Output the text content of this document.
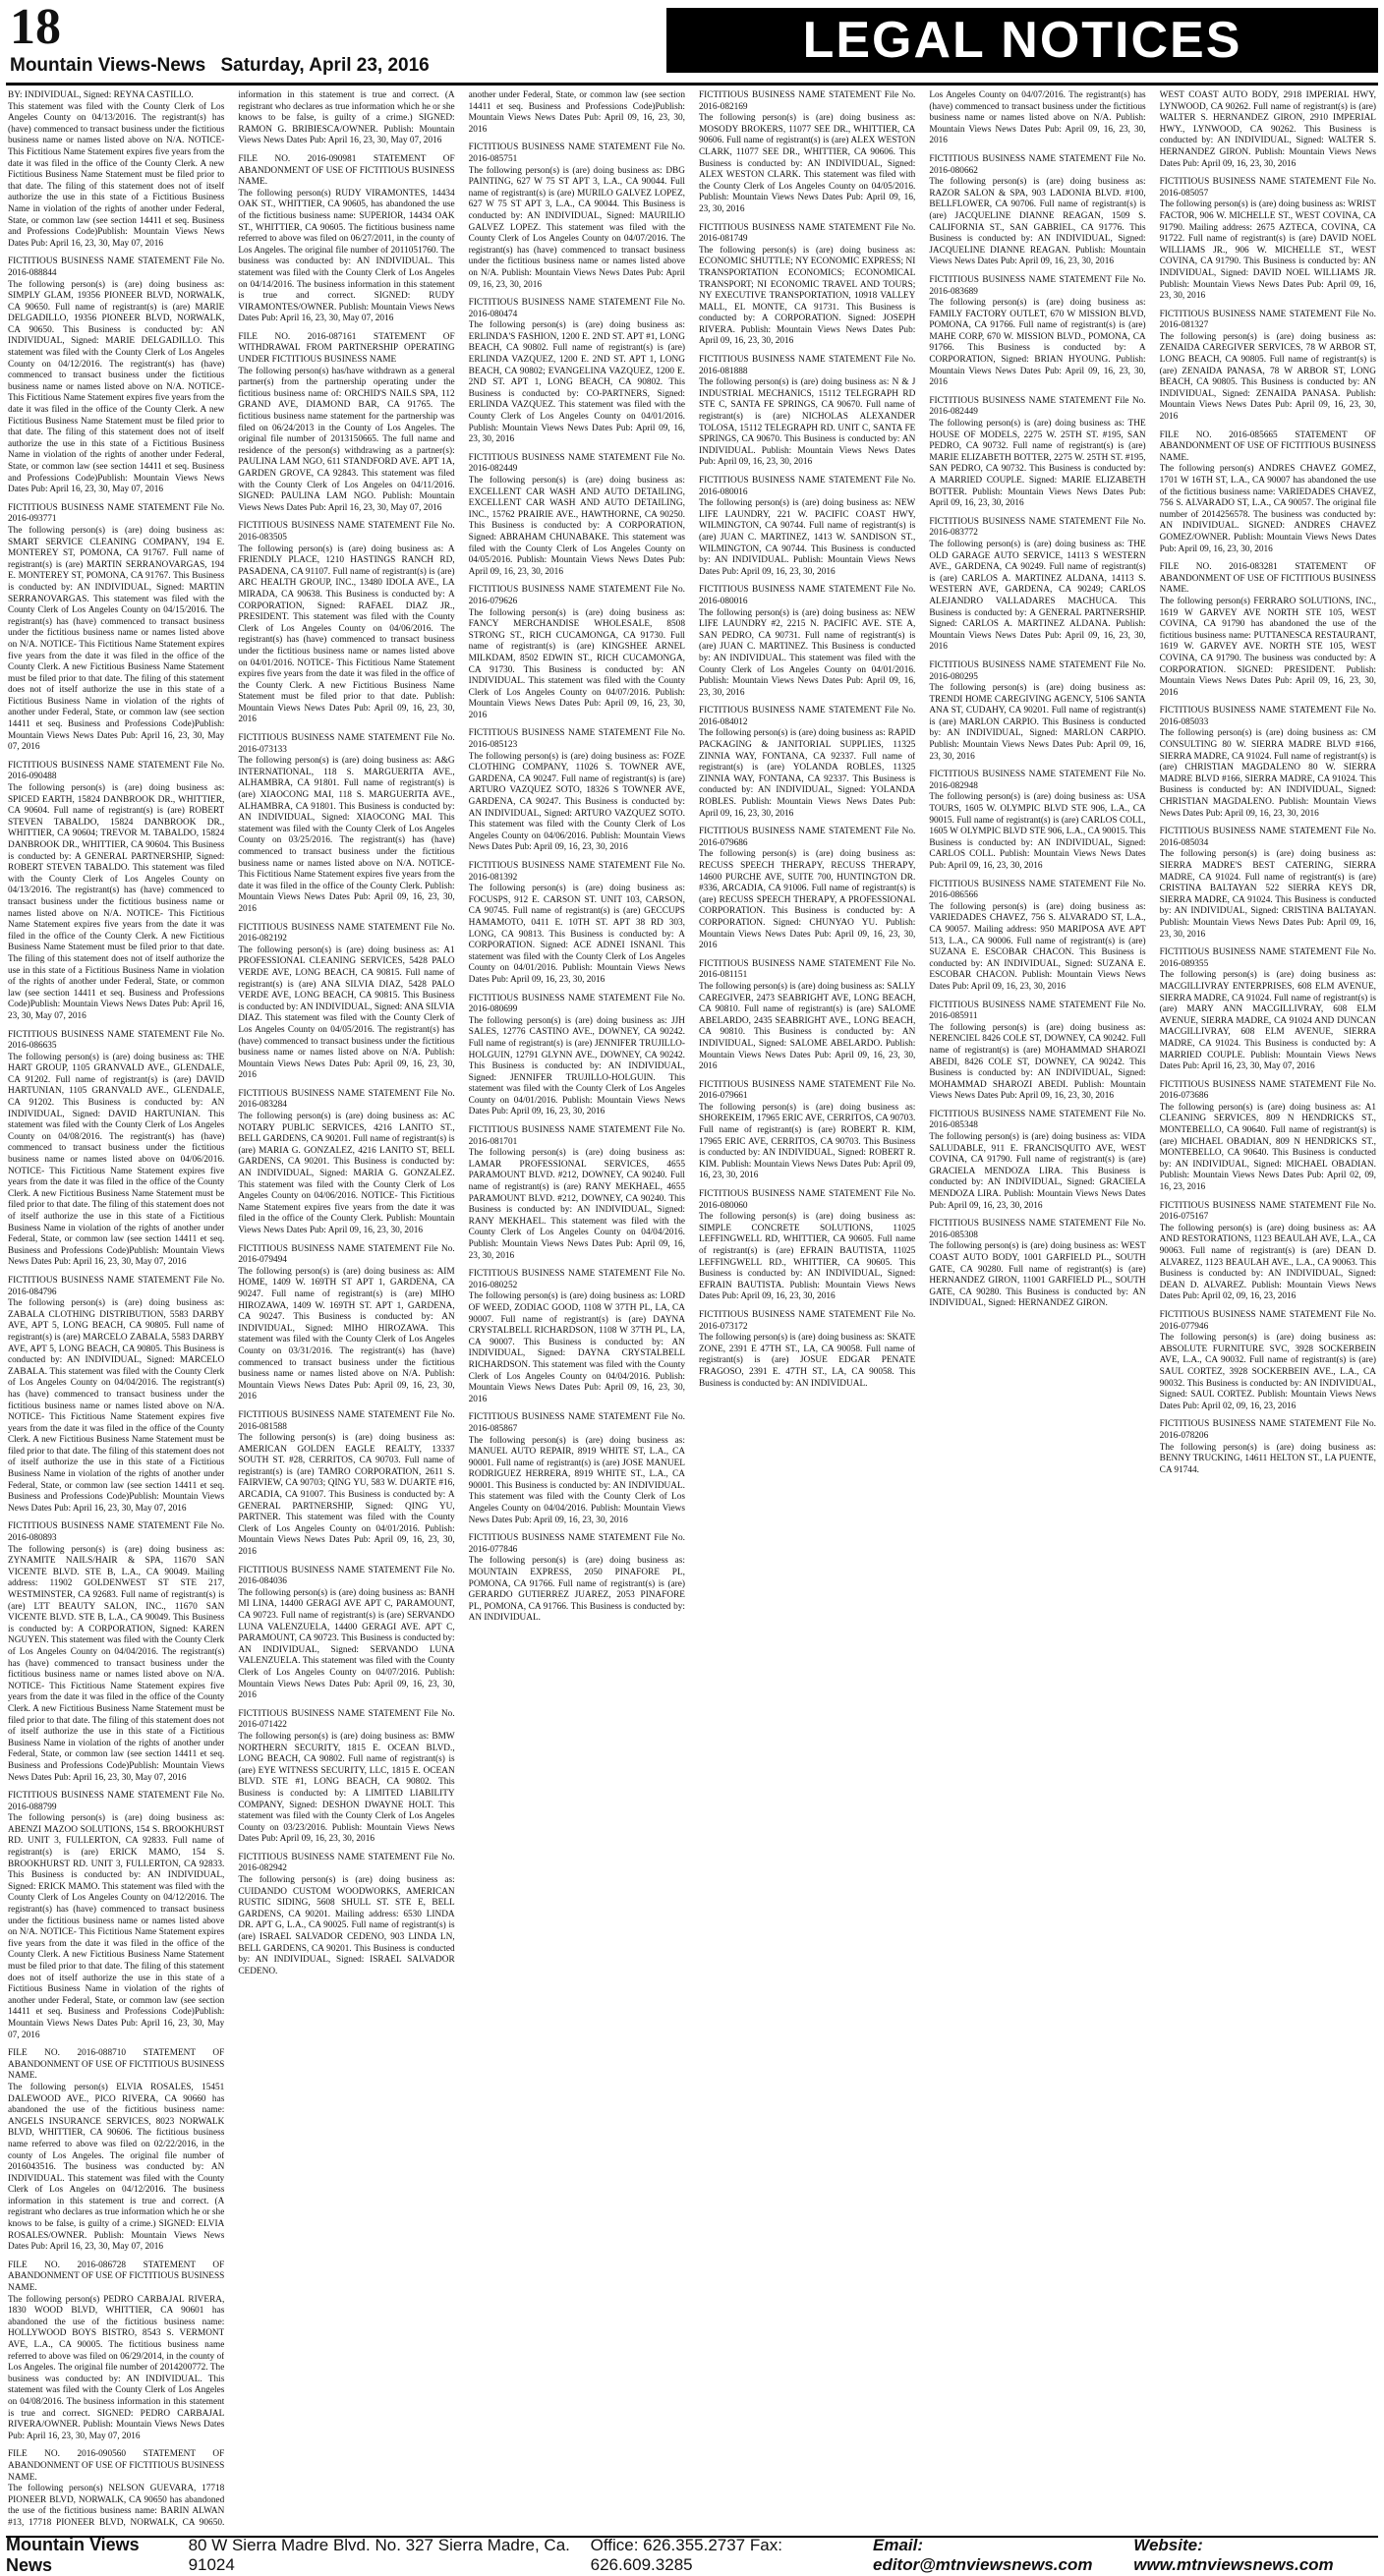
18
Mountain Views-News Saturday, April 23, 2016	LEGAL NOTICES
BY: INDIVIDUAL, Signed: REYNA CASTILLO.

This statement was filed with the County Clerk of Los Angeles County on 04/13/2016. The registrant(s) has (have) commenced to transact business under the fictitious business name or names listed above on N/A. NOTICE- This Fictitious Name Statement expires five years from the date it was filed in the office of the County Clerk. A new Fictitious Business Name Statement must be filed prior to that date. The filing of this statement does not of itself authorize the use in this state of a Fictitious Business Name in violation of the rights of another under Federal, State, or common law (see section 14411 et seq. Business and Professions Code)Publish: Mountain Views News Dates Pub: April 16, 23, 30, May 07, 2016

FICTITIOUS BUSINESS NAME STATEMENT File No. 2016-088844

The following person(s) is (are) doing business as: SIMPLY GLAM, 19356 PIONEER BLVD, NORWALK, CA 90650. Full name of registrant(s) is (are) MARIE DELGADILLO, 19356 PIONEER BLVD, NORWALK, CA 90650. This Business is conducted by: AN INDIVIDUAL, Signed: MARIE DELGADILLO. This statement was filed with the County Clerk of Los Angeles County on 04/12/2016. The registrant(s) has (have) commenced to transact business under the fictitious business name or names listed above on N/A. NOTICE- This Fictitious Name Statement expires five years from the date it was filed in the office of the County Clerk. A new Fictitious Business Name Statement must be filed prior to that date. The filing of this statement does not of itself authorize the use in this state of a Fictitious Business Name in violation of the rights of another under Federal, State, or common law (see section 14411 et seq. Business and Professions Code)Publish: Mountain Views News Dates Pub: April 16, 23, 30, May 07, 2016

FICTITIOUS BUSINESS NAME STATEMENT File No. 2016-093771

The following person(s) is (are) doing business as: SMART SERVICE CLEANING COMPANY, 194 E. MONTEREY ST, POMONA, CA 91767. Full name of registrant(s) is (are) MARTIN SERRANOVARGAS, 194 E. MONTEREY ST, POMONA, CA 91767. This Business is conducted by: AN INDIVIDUAL, Signed: MARTIN SERRANOVARGAS. This statement was filed with the County Clerk of Los Angeles County on 04/15/2016. The registrant(s) has (have) commenced to transact business under the fictitious business name or names listed above on N/A. NOTICE- This Fictitious Name Statement expires five years from the date it was filed in the office of the County Clerk. A new Fictitious Business Name Statement must be filed prior to that date. The filing of this statement does not of itself authorize the use in this state of a Fictitious Business Name in violation of the rights of another under Federal, State, or common law (see section 14411 et seq. Business and Professions Code)Publish: Mountain Views News Dates Pub: April 16, 23, 30, May 07, 2016

FICTITIOUS BUSINESS NAME STATEMENT File No. 2016-090488

The following person(s) is (are) doing business as: SPICED EARTH, 15824 DANBROOK DR., WHITTIER, CA 90604. Full name of registrant(s) is (are) ROBERT STEVEN TABALDO, 15824 DANBROOK DR., WHITTIER, CA 90604; TREVOR M. TABALDO, 15824 DANBROOK DR., WHITTIER, CA 90604. This Business is conducted by: A GENERAL PARTNERSHIP, Signed: ROBERT STEVEN TABALDO. This statement was filed with the County Clerk of Los Angeles County on 04/13/2016. The registrant(s) has (have) commenced to transact business under the fictitious business name or names listed above on N/A. NOTICE- This Fictitious Name Statement expires five years from the date it was filed in the office of the County Clerk. A new Fictitious Business Name Statement must be filed prior to that date. The filing of this statement does not of itself authorize the use in this state of a Fictitious Business Name in violation of the rights of another under Federal, State, or common law (see section 14411 et seq. Business and Professions Code)Publish: Mountain Views News Dates Pub: April 16, 23, 30, May 07, 2016

FICTITIOUS BUSINESS NAME STATEMENT File No. 2016-086635

The following person(s) is (are) doing business as: THE HART GROUP, 1105 GRANVALD AVE., GLENDALE, CA 91202. Full name of registrant(s) is (are) DAVID HARTUNIAN, 1105 GRANVALD AVE., GLENDALE, CA 91202. This Business is conducted by: AN INDIVIDUAL, Signed: DAVID HARTUNIAN. This statement was filed with the County Clerk of Los Angeles County on 04/08/2016. The registrant(s) has (have) commenced to transact business under the fictitious business name or names listed above on 04/06/2016. NOTICE- This Fictitious Name Statement expires five years from the date it was filed in the office of the County Clerk. A new Fictitious Business Name Statement must be filed prior to that date. The filing of this statement does not of itself authorize the use in this state of a Fictitious Business Name in violation of the rights of another under Federal, State, or common law (see section 14411 et seq. Business and Professions Code)Publish: Mountain Views News Dates Pub: April 16, 23, 30, May 07, 2016

FICTITIOUS BUSINESS NAME STATEMENT File No. 2016-084796

The following person(s) is (are) doing business as: ZABALA CLOTHING DISTRIBUTION, 5583 DARBY AVE, APT 5, LONG BEACH, CA 90805. Full name of registrant(s) is (are) MARCELO ZABALA, 5583 DARBY AVE, APT 5, LONG BEACH, CA 90805. This Business is conducted by: AN INDIVIDUAL, Signed: MARCELO ZABALA. This statement was filed with the County Clerk of Los Angeles County on 04/04/2016. The registrant(s) has (have) commenced to transact business under the fictitious business name or names listed above on N/A. NOTICE- This Fictitious Name Statement expires five years from the date it was filed in the office of the County Clerk. A new Fictitious Business Name Statement must be filed prior to that date. The filing of this statement does not of itself authorize the use in this state of a Fictitious Business Name in violation of the rights of another under Federal, State, or common law (see section 14411 et seq. Business and Professions Code)Publish: Mountain Views News Dates Pub: April 16, 23, 30, May 07, 2016

FICTITIOUS BUSINESS NAME STATEMENT File No. 2016-080893

The following person(s) is (are) doing business as: ZYNAMITE NAILS/HAIR & SPA, 11670 SAN VICENTE BLVD. STE B, L.A., CA 90049. Mailing address: 11902 GOLDENWEST ST STE 217, WESTMINSTER, CA 92683. Full name of registrant(s) is (are) LTT BEAUTY SALON, INC., 11670 SAN VICENTE BLVD. STE B, L.A., CA 90049. This Business is conducted by: A CORPORATION, Signed: KAREN NGUYEN. This statement was filed with the County Clerk of Los Angeles County on 04/04/2016. The registrant(s) has (have) commenced to transact business under the fictitious business name or names listed above on N/A. NOTICE- This Fictitious Name Statement expires five years from the date it was filed in the office of the County Clerk. A new Fictitious Business Name Statement must be filed prior to that date. The filing of this statement does not of itself authorize the use in this state of a Fictitious Business Name in violation of the rights of another under Federal, State, or common law (see section 14411 et seq. Business and Professions Code)Publish: Mountain Views News Dates Pub: April 16, 23, 30, May 07, 2016

FICTITIOUS BUSINESS NAME STATEMENT File No. 2016-088799

The following person(s) is (are) doing business as: ABENZI MAZOO SOLUTIONS, 154 S. BROOKHURST RD. UNIT 3, FULLERTON, CA 92833. Full name of registrant(s) is (are) ERICK MAMO, 154 S. BROOKHURST RD. UNIT 3, FULLERTON, CA 92833. This Business is conducted by: AN INDIVIDUAL, Signed: ERICK MAMO. This statement was filed with the County Clerk of Los Angeles County on 04/12/2016. The registrant(s) has (have) commenced to transact business under the fictitious business name or names listed above on N/A. NOTICE- This Fictitious Name Statement expires five years from the date it was filed in the office of the County Clerk. A new Fictitious Business Name Statement must be filed prior to that date. The filing of this statement does not of itself authorize the use in this state of a Fictitious Business Name in violation of the rights of another under Federal, State, or common law (see section 14411 et seq. Business and Professions Code)Publish: Mountain Views News Dates Pub: April 16, 23, 30, May 07, 2016

FILE NO. 2016-088710 STATEMENT OF ABANDONMENT OF USE OF FICTITIOUS BUSINESS NAME.

The following person(s) ELVIA ROSALES, 15451 DALEWOOD AVE., PICO RIVERA, CA 90660 has abandoned the use of the fictitious business name: ANGELS INSURANCE SERVICES, 8023 NORWALK BLVD, WHITTIER, CA 90606. The fictitious business name referred to above was filed on 02/22/2016, in the county of Los Angeles. The original file number of 2016043516. The business was conducted by: AN INDIVIDUAL. This statement was filed with the County Clerk of Los Angeles on 04/12/2016. The business information in this statement is true and correct. (A registrant who declares as true information which he or she knows to be false, is guilty of a crime.) SIGNED: ELVIA ROSALES/OWNER. Publish: Mountain Views News Dates Pub: April 16, 23, 30, May 07, 2016

FILE NO. 2016-086728 STATEMENT OF ABANDONMENT OF USE OF FICTITIOUS BUSINESS NAME.

The following person(s) PEDRO CARBAJAL RIVERA, 1830 WOOD BLVD, WHITTIER, CA 90601 has abandoned the use of the fictitious business name: HOLLYWOOD BOYS BISTRO, 8543 S. VERMONT AVE, L.A., CA 90005. The fictitious business name referred to above was filed on 06/29/2014, in the county of Los Angeles. The original file number of 2014200772. The business was conducted by: AN INDIVIDUAL. This statement was filed with the County Clerk of Los Angeles on 04/08/2016. The business information in this statement is true and correct. SIGNED: PEDRO CARBAJAL RIVERA/OWNER. Publish: Mountain Views News Dates Pub: April 16, 23, 30, May 07, 2016

FILE NO. 2016-090560 STATEMENT OF ABANDONMENT OF USE OF FICTITIOUS BUSINESS NAME.

The following person(s) NELSON GUEVARA, 17718 PIONEER BLVD, NORWALK, CA 90650 has abandoned the use of the fictitious business name: BARIN ALWAN #13, 17718 PIONEER BLVD, NORWALK, CA 90650.

information in this statement is true and correct. (A registrant who declares as true information which he or she knows to be false, is guilty of a crime.) SIGNED: RAMON G. BRIBIESCA/OWNER. Publish: Mountain Views News Dates Pub: April 16, 23, 30, May 07, 2016

FILE NO. 2016-090981 STATEMENT OF ABANDONMENT OF USE OF FICTITIOUS BUSINESS NAME.

The following person(s) RUDY VIRAMONTES, 14434 OAK ST., WHITTIER, CA 90605, has abandoned the use of the fictitious business name: SUPERIOR, 14434 OAK ST., WHITTIER, CA 90605. The fictitious business name referred to above was filed on 06/27/2011, in the county of Los Angeles. The original file number of 2011051760. The business was conducted by: AN INDIVIDUAL. This statement was filed with the County Clerk of Los Angeles on 04/14/2016. The business information in this statement is true and correct. SIGNED: RUDY VIRAMONTES/OWNER. Publish: Mountain Views News Dates Pub: April 16, 23, 30, May 07, 2016

FILE NO. 2016-087161 STATEMENT OF WITHDRAWAL FROM PARTNERSHIP OPERATING UNDER FICTITIOUS BUSINESS NAME

The following person(s) has/have withdrawn as a general partner(s) from the partnership operating under the fictitious business name of: ORCHID'S NAILS SPA, 112 GRAND AVE, DIAMOND BAR, CA 91765. The fictitious business name statement for the partnership was filed on 06/24/2013 in the County of Los Angeles. The original file number of 2013150665. The full name and residence of the person(s) withdrawing as a partner(s): PAULINA LAM NGO, 611 STANDFORD AVE. APT 1A, GARDEN GROVE, CA 92843. This statement was filed with the County Clerk of Los Angeles on 04/11/2016. SIGNED: PAULINA LAM NGO. Publish: Mountain Views News Dates Pub: April 16, 23, 30, May 07, 2016

FICTITIOUS BUSINESS NAME STATEMENT File No. 2016-083505

The following person(s) is (are) doing business as: A FRIENDLY PLACE, 1210 HASTINGS RANCH RD, PASADENA, CA 91107. Full name of registrant(s) is (are) ARC HEALTH GROUP, INC., 13480 IDOLA AVE., LA MIRADA, CA 90638. This Business is conducted by: A CORPORATION, Signed: RAFAEL DIAZ JR., PRESIDENT. This statement was filed with the County Clerk of Los Angeles County on 04/06/2016. The registrant(s) has (have) commenced to transact business under the fictitious business name or names listed above on 04/01/2016. NOTICE- This Fictitious Name Statement expires five years from the date it was filed in the office of the County Clerk. A new Fictitious Business Name Statement must be filed prior to that date. Publish: Mountain Views News Dates Pub: April 09, 16, 23, 30, 2016

FICTITIOUS BUSINESS NAME STATEMENT File No. 2016-073133

The following person(s) is (are) doing business as: A&G INTERNATIONAL, 118 S. MARGUERITA AVE., ALHAMBRA, CA 91801. Full name of registrant(s) is (are) XIAOCONG MAI, 118 S. MARGUERITA AVE., ALHAMBRA, CA 91801. This Business is conducted by: AN INDIVIDUAL, Signed: XIAOCONG MAI. This statement was filed with the County Clerk of Los Angeles County on 03/25/2016. The registrant(s) has (have) commenced to transact business under the fictitious business name or names listed above on N/A. NOTICE- This Fictitious Name Statement expires five years from the date it was filed in the office of the County Clerk. Publish: Mountain Views News Dates Pub: April 09, 16, 23, 30, 2016

FICTITIOUS BUSINESS NAME STATEMENT File No. 2016-082192

The following person(s) is (are) doing business as: A1 PROFESSIONAL CLEANING SERVICES, 5428 PALO VERDE AVE, LONG BEACH, CA 90815. Full name of registrant(s) is (are) ANA SILVIA DIAZ, 5428 PALO VERDE AVE, LONG BEACH, CA 90815. This Business is conducted by: AN INDIVIDUAL, Signed: ANA SILVIA DIAZ. This statement was filed with the County Clerk of Los Angeles County on 04/05/2016. The registrant(s) has (have) commenced to transact business under the fictitious business name or names listed above on N/A. Publish: Mountain Views News Dates Pub: April 09, 16, 23, 30, 2016

FICTITIOUS BUSINESS NAME STATEMENT File No. 2016-083284

The following person(s) is (are) doing business as: AC NOTARY PUBLIC SERVICES, 4216 LANITO ST., BELL GARDENS, CA 90201. Full name of registrant(s) is (are) MARIA G. GONZALEZ, 4216 LANITO ST, BELL GARDENS, CA 90201. This Business is conducted by: AN INDIVIDUAL, Signed: MARIA G. GONZALEZ. This statement was filed with the County Clerk of Los Angeles County on 04/06/2016. NOTICE- This Fictitious Name Statement expires five years from the date it was filed in the office of the County Clerk. Publish: Mountain Views News Dates Pub: April 09, 16, 23, 30, 2016

FICTITIOUS BUSINESS NAME STATEMENT File No. 2016-079494

The following person(s) is (are) doing business as: AIM HOME, 1409 W. 169TH ST APT 1, GARDENA, CA 90247. Full name of registrant(s) is (are) MIHO HIROZAWA, 1409 W. 169TH ST. APT 1, GARDENA, CA 90247. This Business is conducted by: AN INDIVIDUAL, Signed: MIHO HIROZAWA. This statement was filed with the County Clerk of Los Angeles County on 03/31/2016. The registrant(s) has (have) commenced to transact business under the fictitious business name or names listed above on N/A. Publish: Mountain Views News Dates Pub: April 09, 16, 23, 30, 2016

FICTITIOUS BUSINESS NAME STATEMENT File No. 2016-081588

The following person(s) is (are) doing business as: AMERICAN GOLDEN EAGLE REALTY, 13337 SOUTH ST. #28, CERRITOS, CA 90703. Full name of registrant(s) is (are) TAMRO CORPORATION, 2611 S. FAIRVIEW, CA 90703; QING YU, 583 W. DUARTE #16, ARCADIA, CA 91007. This Business is conducted by: A GENERAL PARTNERSHIP, Signed: QING YU, PARTNER. This statement was filed with the County Clerk of Los Angeles County on 04/01/2016. Publish: Mountain Views News Dates Pub: April 09, 16, 23, 30, 2016

FICTITIOUS BUSINESS NAME STATEMENT File No. 2016-084036

The following person(s) is (are) doing business as: BANH MI LINA, 14400 GERAGI AVE APT C, PARAMOUNT, CA 90723. Full name of registrant(s) is (are) SERVANDO LUNA VALENZUELA, 14400 GERAGI AVE. APT C, PARAMOUNT, CA 90723. This Business is conducted by: AN INDIVIDUAL, Signed: SERVANDO LUNA VALENZUELA. This statement was filed with the County Clerk of Los Angeles County on 04/07/2016. Publish: Mountain Views News Dates Pub: April 09, 16, 23, 30, 2016

FICTITIOUS BUSINESS NAME STATEMENT File No. 2016-071422

The following person(s) is (are) doing business as: BMW NORTHERN SECURITY, 1815 E. OCEAN BLVD., LONG BEACH, CA 90802. Full name of registrant(s) is (are) EYE WITNESS SECURITY, LLC, 1815 E. OCEAN BLVD. STE #1, LONG BEACH, CA 90802. This Business is conducted by: A LIMITED LIABILITY COMPANY, Signed: DESHON DWAYNE HOLT. This statement was filed with the County Clerk of Los Angeles County on 03/23/2016. Publish: Mountain Views News Dates Pub: April 09, 16, 23, 30, 2016

FICTITIOUS BUSINESS NAME STATEMENT File No. 2016-082942

The following person(s) is (are) doing business as: CUIDANDO CUSTOM WOODWORKS, AMERICAN RUSTIC SIDING, 5608 SHULL ST. STE E, BELL GARDENS, CA 90201. Mailing address: 6530 LINDA DR. APT G, L.A., CA 90025. Full name of registrant(s) is (are) ISRAEL SALVADOR CEDENO, 903 LINDA LN, BELL GARDENS, CA 90201. This Business is conducted by: AN INDIVIDUAL, Signed: ISRAEL SALVADOR CEDENO.

another under Federal, State, or common law (see section 14411 et seq. Business and Professions Code)Publish: Mountain Views News Dates Pub: April 09, 16, 23, 30, 2016

FICTITIOUS BUSINESS NAME STATEMENT File No. 2016-085751

The following person(s) is (are) doing business as: DBG PAINTING, 627 W 75 ST APT 3, L.A., CA 90044. Full name of registrant(s) is (are) MURILO GALVEZ LOPEZ, 627 W 75 ST APT 3, L.A., CA 90044. This Business is conducted by: AN INDIVIDUAL, Signed: MAURILIO GALVEZ LOPEZ. This statement was filed with the County Clerk of Los Angeles County on 04/07/2016. The registrant(s) has (have) commenced to transact business under the fictitious business name or names listed above on N/A. Publish: Mountain Views News Dates Pub: April 09, 16, 23, 30, 2016

FICTITIOUS BUSINESS NAME STATEMENT File No. 2016-080474

The following person(s) is (are) doing business as: ERLINDA'S FASHION, 1200 E. 2ND ST. APT #1, LONG BEACH, CA 90802. Full name of registrant(s) is (are) ERLINDA VAZQUEZ, 1200 E. 2ND ST. APT 1, LONG BEACH, CA 90802; EVANGELINA VAZQUEZ, 1200 E. 2ND ST. APT 1, LONG BEACH, CA 90802. This Business is conducted by: CO-PARTNERS, Signed: ERLINDA VAZQUEZ. This statement was filed with the County Clerk of Los Angeles County on 04/01/2016. Publish: Mountain Views News Dates Pub: April 09, 16, 23, 30, 2016

FICTITIOUS BUSINESS NAME STATEMENT File No. 2016-082449

The following person(s) is (are) doing business as: EXCELLENT CAR WASH AND AUTO DETAILING, EXCELLENT CAR WASH AND AUTO DETAILING, INC., 15762 PRAIRIE AVE., HAWTHORNE, CA 90250. This Business is conducted by: A CORPORATION, Signed: ABRAHAM CHUNABAKE. This statement was filed with the County Clerk of Los Angeles County on 04/05/2016. Publish: Mountain Views News Dates Pub: April 09, 16, 23, 30, 2016

FICTITIOUS BUSINESS NAME STATEMENT File No. 2016-079626

The following person(s) is (are) doing business as: FANCY MERCHANDISE WHOLESALE, 8508 STRONG ST., RICH CUCAMONGA, CA 91730. Full name of registrant(s) is (are) KINGSHEE ARNEL MILKDAM, 8502 EDWIN ST., RICH CUCAMONGA, CA 91730. This Business is conducted by: AN INDIVIDUAL. This statement was filed with the County Clerk of Los Angeles County on 04/07/2016. Publish: Mountain Views News Dates Pub: April 09, 16, 23, 30, 2016

FICTITIOUS BUSINESS NAME STATEMENT File No. 2016-085123

The following person(s) is (are) doing business as: FOZE CLOTHING COMPANY, 11026 S. TOWNER AVE, GARDENA, CA 90247. Full name of registrant(s) is (are) ARTURO VAZQUEZ SOTO, 18326 S TOWNER AVE, GARDENA, CA 90247. This Business is conducted by: AN INDIVIDUAL, Signed: ARTURO VAZQUEZ SOTO. This statement was filed with the County Clerk of Los Angeles County on 04/06/2016. Publish: Mountain Views News Dates Pub: April 09, 16, 23, 30, 2016

FICTITIOUS BUSINESS NAME STATEMENT File No. 2016-081392

The following person(s) is (are) doing business as: FOCUSPS, 912 E. CARSON ST. UNIT 103, CARSON, CA 90745. Full name of registrant(s) is (are) GECCUPS HAMAMOTO, 0411 E. 10TH ST. APT 38 RD 303, LONG, CA 90813. This Business is conducted by: A CORPORATION. Signed: ACE ADNEI ISNANI. This statement was filed with the County Clerk of Los Angeles County on 04/01/2016. Publish: Mountain Views News Dates Pub: April 09, 16, 23, 30, 2016

FICTITIOUS BUSINESS NAME STATEMENT File No. 2016-080699

The following person(s) is (are) doing business as: JJH SALES, 12776 CASTINO AVE., DOWNEY, CA 90242. Full name of registrant(s) is (are) JENNIFER TRUJILLO-HOLGUIN, 12791 GLYNN AVE., DOWNEY, CA 90242. This Business is conducted by: AN INDIVIDUAL, Signed: JENNIFER TRUJILLO-HOLGUIN. This statement was filed with the County Clerk of Los Angeles County on 04/01/2016. Publish: Mountain Views News Dates Pub: April 09, 16, 23, 30, 2016

FICTITIOUS BUSINESS NAME STATEMENT File No. 2016-081701

The following person(s) is (are) doing business as: LAMAR PROFESSIONAL SERVICES, 4655 PARAMOUNT BLVD. #212, DOWNEY, CA 90240. Full name of registrant(s) is (are) RANY MEKHAEL, 4655 PARAMOUNT BLVD. #212, DOWNEY, CA 90240. This Business is conducted by: AN INDIVIDUAL, Signed: RANY MEKHAEL. This statement was filed with the County Clerk of Los Angeles County on 04/04/2016. Publish: Mountain Views News Dates Pub: April 09, 16, 23, 30, 2016

FICTITIOUS BUSINESS NAME STATEMENT File No. 2016-080252

The following person(s) is (are) doing business as: LORD OF WEED, ZODIAC GOOD, 1108 W 37TH PL, LA, CA 90007. Full name of registrant(s) is (are) DAYNA CRYSTALBELL RICHARDSON, 1108 W 37TH PL, LA, CA 90007. This Business is conducted by: AN INDIVIDUAL, Signed: DAYNA CRYSTALBELL RICHARDSON. This statement was filed with the County Clerk of Los Angeles County on 04/04/2016. Publish: Mountain Views News Dates Pub: April 09, 16, 23, 30, 2016

FICTITIOUS BUSINESS NAME STATEMENT File No. 2016-085867

The following person(s) is (are) doing business as: MANUEL AUTO REPAIR, 8919 WHITE ST, L.A., CA 90001. Full name of registrant(s) is (are) JOSE MANUEL RODRIGUEZ HERRERA, 8919 WHITE ST., L.A., CA 90001. This Business is conducted by: AN INDIVIDUAL. This statement was filed with the County Clerk of Los Angeles County on 04/04/2016. Publish: Mountain Views News Dates Pub: April 09, 16, 23, 30, 2016

FICTITIOUS BUSINESS NAME STATEMENT File No. 2016-077846

The following person(s) is (are) doing business as: MOUNTAIN EXPRESS, 2050 PINAFORE PL, POMONA, CA 91766. Full name of registrant(s) is (are) GERARDO GUTIERREZ JUAREZ, 2053 PINAFORE PL, POMONA, CA 91766. This Business is conducted by: AN INDIVIDUAL.

FICTITIOUS BUSINESS NAME STATEMENT File No. 2016-082169

The following person(s) is (are) doing business as: MOSODY BROKERS, 11077 SEE DR., WHITTIER, CA 90606. Full name of registrant(s) is (are) ALEX WESTON CLARK, 11077 SEE DR., WHITTIER, CA 90606. This Business is conducted by: AN INDIVIDUAL, Signed: ALEX WESTON CLARK. This statement was filed with the County Clerk of Los Angeles County on 04/05/2016. Publish: Mountain Views News Dates Pub: April 09, 16, 23, 30, 2016

FICTITIOUS BUSINESS NAME STATEMENT File No. 2016-081749

The following person(s) is (are) doing business as: ECONOMIC SHUTTLE; NY ECONOMIC EXPRESS; NI TRANSPORTATION ECONOMICS; ECONOMICAL TRANSPORT; NI ECONOMIC TRAVEL AND TOURS; NY EXECUTIVE TRANSPORTATION, 10918 VALLEY MALL, EL MONTE, CA 91731. This Business is conducted by: A CORPORATION. Signed: JOSEPH RIVERA. Publish: Mountain Views News Dates Pub: April 09, 16, 23, 30, 2016

FICTITIOUS BUSINESS NAME STATEMENT File No. 2016-081888

The following person(s) is (are) doing business as: N & J INDUSTRIAL MECHANICS, 15112 TELEGRAPH RD STE C, SANTA FE SPRINGS, CA 90670. Full name of registrant(s) is (are) NICHOLAS ALEXANDER TOLOSA, 15112 TELEGRAPH RD. UNIT C, SANTA FE SPRINGS, CA 90670. This Business is conducted by: AN INDIVIDUAL. Publish: Mountain Views News Dates Pub: April 09, 16, 23, 30, 2016

FICTITIOUS BUSINESS NAME STATEMENT File No. 2016-080016

The following person(s) is (are) doing business as: NEW LIFE LAUNDRY, 221 W. PACIFIC COAST HWY, WILMINGTON, CA 90744. Full name of registrant(s) is (are) JUAN C. MARTINEZ, 1413 W. SANDISON ST., WILMINGTON, CA 90744. This Business is conducted by: AN INDIVIDUAL. Publish: Mountain Views News Dates Pub: April 09, 16, 23, 30, 2016

FICTITIOUS BUSINESS NAME STATEMENT File No. 2016-080016

The following person(s) is (are) doing business as: NEW LIFE LAUNDRY #2, 2215 N. PACIFIC AVE. STE A, SAN PEDRO, CA 90731. Full name of registrant(s) is (are) JUAN C. MARTINEZ. This Business is conducted by: AN INDIVIDUAL. This statement was filed with the County Clerk of Los Angeles County on 04/01/2016. Publish: Mountain Views News Dates Pub: April 09, 16, 23, 30, 2016

FICTITIOUS BUSINESS NAME STATEMENT File No. 2016-084012

The following person(s) is (are) doing business as: RAPID PACKAGING & JANITORIAL SUPPLIES, 11325 ZINNIA WAY, FONTANA, CA 92337. Full name of registrant(s) is (are) YOLANDA ROBLES, 11325 ZINNIA WAY, FONTANA, CA 92337. This Business is conducted by: AN INDIVIDUAL, Signed: YOLANDA ROBLES. Publish: Mountain Views News Dates Pub: April 09, 16, 23, 30, 2016

FICTITIOUS BUSINESS NAME STATEMENT File No. 2016-079686

The following person(s) is (are) doing business as: RECUSS SPEECH THERAPY, RECUSS THERAPY, 14600 PURCHE AVE, SUITE 700, HUNTINGTON DR. #336, ARCADIA, CA 91006. Full name of registrant(s) is (are) RECUSS SPEECH THERAPY, A PROFESSIONAL CORPORATION. This Business is conducted by: A CORPORATION. Signed: CHUNYAO YU. Publish: Mountain Views News Dates Pub: April 09, 16, 23, 30, 2016

FICTITIOUS BUSINESS NAME STATEMENT File No. 2016-081151

The following person(s) is (are) doing business as: SALLY CAREGIVER, 2473 SEABRIGHT AVE, LONG BEACH, CA 90810. Full name of registrant(s) is (are) SALOME ABELARDO, 2435 SEABRIGHT AVE., LONG BEACH, CA 90810. This Business is conducted by: AN INDIVIDUAL, Signed: SALOME ABELARDO. Publish: Mountain Views News Dates Pub: April 09, 16, 23, 30, 2016

FICTITIOUS BUSINESS NAME STATEMENT File No. 2016-079661

The following person(s) is (are) doing business as: SHOREKEIM, 17965 ERIC AVE, CERRITOS, CA 90703. Full name of registrant(s) is (are) ROBERT R. KIM, 17965 ERIC AVE, CERRITOS, CA 90703. This Business is conducted by: AN INDIVIDUAL, Signed: ROBERT R. KIM. Publish: Mountain Views News Dates Pub: April 09, 16, 23, 30, 2016

FICTITIOUS BUSINESS NAME STATEMENT File No. 2016-080060

The following person(s) is (are) doing business as: SIMPLE CONCRETE SOLUTIONS, 11025 LEFFINGWELL RD, WHITTIER, CA 90605. Full name of registrant(s) is (are) EFRAIN BAUTISTA, 11025 LEFFINGWELL RD., WHITTIER, CA 90605. This Business is conducted by: AN INDIVIDUAL, Signed: EFRAIN BAUTISTA. Publish: Mountain Views News Dates Pub: April 09, 16, 23, 30, 2016

FICTITIOUS BUSINESS NAME STATEMENT File No. 2016-073172

The following person(s) is (are) doing business as: SKATE ZONE, 2391 E 47TH ST., LA, CA 90058. Full name of registrant(s) is (are) JOSUE EDGAR PENATE FRAGOSO, 2391 E. 47TH ST., LA, CA 90058. This Business is conducted by: AN INDIVIDUAL.

Los Angeles County on 04/07/2016. The registrant(s) has (have) commenced to transact business under the fictitious business name or names listed above on N/A. Publish: Mountain Views News Dates Pub: April 09, 16, 23, 30, 2016

FICTITIOUS BUSINESS NAME STATEMENT File No. 2016-080662

The following person(s) is (are) doing business as: RAZOR SALON & SPA, 903 LADONIA BLVD. #100, BELLFLOWER, CA 90706. Full name of registrant(s) is (are) JACQUELINE DIANNE REAGAN, 1509 S. CALIFORNIA ST., SAN GABRIEL, CA 91776. This Business is conducted by: AN INDIVIDUAL, Signed: JACQUELINE DIANNE REAGAN. Publish: Mountain Views News Dates Pub: April 09, 16, 23, 30, 2016

FICTITIOUS BUSINESS NAME STATEMENT File No. 2016-083689

The following person(s) is (are) doing business as: FAMILY FACTORY OUTLET, 670 W MISSION BLVD, POMONA, CA 91766. Full name of registrant(s) is (are) MAHE CORP, 670 W. MISSION BLVD., POMONA, CA 91766. This Business is conducted by: A CORPORATION, Signed: BRIAN HYOUNG. Publish: Mountain Views News Dates Pub: April 09, 16, 23, 30, 2016

FICTITIOUS BUSINESS NAME STATEMENT File No. 2016-082449

The following person(s) is (are) doing business as: THE HOUSE OF MODELS, 2275 W. 25TH ST. #195, SAN PEDRO, CA 90732. Full name of registrant(s) is (are) MARIE ELIZABETH BOTTER, 2275 W. 25TH ST. #195, SAN PEDRO, CA 90732. This Business is conducted by: A MARRIED COUPLE. Signed: MARIE ELIZABETH BOTTER. Publish: Mountain Views News Dates Pub: April 09, 16, 23, 30, 2016

FICTITIOUS BUSINESS NAME STATEMENT File No. 2016-083772

The following person(s) is (are) doing business as: THE OLD GARAGE AUTO SERVICE, 14113 S WESTERN AVE., GARDENA, CA 90249. Full name of registrant(s) is (are) CARLOS A. MARTINEZ ALDANA, 14113 S. WESTERN AVE, GARDENA, CA 90249; CARLOS ALEJANDRO VALLADARES MACHUCA. This Business is conducted by: A GENERAL PARTNERSHIP. Signed: CARLOS A. MARTINEZ ALDANA. Publish: Mountain Views News Dates Pub: April 09, 16, 23, 30, 2016

FICTITIOUS BUSINESS NAME STATEMENT File No. 2016-080295

The following person(s) is (are) doing business as: TRENDI HOME CAREGIVING AGENCY, 5106 SANTA ANA ST, CUDAHY, CA 90201. Full name of registrant(s) is (are) MARLON CARPIO. This Business is conducted by: AN INDIVIDUAL, Signed: MARLON CARPIO. Publish: Mountain Views News Dates Pub: April 09, 16, 23, 30, 2016

FICTITIOUS BUSINESS NAME STATEMENT File No. 2016-082948

The following person(s) is (are) doing business as: USA TOURS, 1605 W. OLYMPIC BLVD STE 906, L.A., CA 90015. Full name of registrant(s) is (are) CARLOS COLL, 1605 W OLYMPIC BLVD STE 906, L.A., CA 90015. This Business is conducted by: AN INDIVIDUAL, Signed: CARLOS COLL. Publish: Mountain Views News Dates Pub: April 09, 16, 23, 30, 2016

FICTITIOUS BUSINESS NAME STATEMENT File No. 2016-086566

The following person(s) is (are) doing business as: VARIEDADES CHAVEZ, 756 S. ALVARADO ST, L.A., CA 90057. Mailing address: 950 MARIPOSA AVE APT 513, L.A., CA 90006. Full name of registrant(s) is (are) SUZANA E. ESCOBAR CHACON. This Business is conducted by: AN INDIVIDUAL, Signed: SUZANA E. ESCOBAR CHACON. Publish: Mountain Views News Dates Pub: April 09, 16, 23, 30, 2016

FICTITIOUS BUSINESS NAME STATEMENT File No. 2016-085911

The following person(s) is (are) doing business as: NERENCIEL 8426 COLE ST, DOWNEY, CA 90242. Full name of registrant(s) is (are) MOHAMMAD SHAROZI ABEDI, 8426 COLE ST, DOWNEY, CA 90242. This Business is conducted by: AN INDIVIDUAL, Signed: MOHAMMAD SHAROZI ABEDI. Publish: Mountain Views News Dates Pub: April 09, 16, 23, 30, 2016

FICTITIOUS BUSINESS NAME STATEMENT File No. 2016-085348

The following person(s) is (are) doing business as: VIDA SALUDABLE, 911 E. FRANCISQUITO AVE, WEST COVINA, CA 91790. Full name of registrant(s) is (are) GRACIELA MENDOZA LIRA. This Business is conducted by: AN INDIVIDUAL, Signed: GRACIELA MENDOZA LIRA. Publish: Mountain Views News Dates Pub: April 09, 16, 23, 30, 2016

FICTITIOUS BUSINESS NAME STATEMENT File No. 2016-085308

The following person(s) is (are) doing business as: WEST COAST AUTO BODY, 1001 GARFIELD PL., SOUTH GATE, CA 90280. Full name of registrant(s) is (are) HERNANDEZ GIRON, 11001 GARFIELD PL., SOUTH GATE, CA 90280. This Business is conducted by: AN INDIVIDUAL, Signed: HERNANDEZ GIRON.

WEST COAST AUTO BODY, 2918 IMPERIAL HWY, LYNWOOD, CA 90262. Full name of registrant(s) is (are) WALTER S. HERNANDEZ GIRON, 2910 IMPERIAL HWY., LYNWOOD, CA 90262. This Business is conducted by: AN INDIVIDUAL, Signed: WALTER S. HERNANDEZ GIRON. Publish: Mountain Views News Dates Pub: April 09, 16, 23, 30, 2016

FICTITIOUS BUSINESS NAME STATEMENT File No. 2016-085057

The following person(s) is (are) doing business as: WRIST FACTOR, 906 W. MICHELLE ST., WEST COVINA, CA 91790. Mailing address: 2675 AZTECA, COVINA, CA 91722. Full name of registrant(s) is (are) DAVID NOEL WILLIAMS JR., 906 W. MICHELLE ST., WEST COVINA, CA 91790. This Business is conducted by: AN INDIVIDUAL, Signed: DAVID NOEL WILLIAMS JR. Publish: Mountain Views News Dates Pub: April 09, 16, 23, 30, 2016

FICTITIOUS BUSINESS NAME STATEMENT File No. 2016-081327

The following person(s) is (are) doing business as: ZENAIDA CAREGIVER SERVICES, 78 W ARBOR ST, LONG BEACH, CA 90805. Full name of registrant(s) is (are) ZENAIDA PANASA, 78 W ARBOR ST, LONG BEACH, CA 90805. This Business is conducted by: AN INDIVIDUAL, Signed: ZENAIDA PANASA. Publish: Mountain Views News Dates Pub: April 09, 16, 23, 30, 2016

FILE NO. 2016-085665 STATEMENT OF ABANDONMENT OF USE OF FICTITIOUS BUSINESS NAME.

The following person(s) ANDRES CHAVEZ GOMEZ, 1701 W 16TH ST, L.A., CA 90007 has abandoned the use of the fictitious business name: VARIEDADES CHAVEZ, 756 S. ALVARADO ST, L.A., CA 90057. The original file number of 2014256578. The business was conducted by: AN INDIVIDUAL. SIGNED: ANDRES CHAVEZ GOMEZ/OWNER. Publish: Mountain Views News Dates Pub: April 09, 16, 23, 30, 2016

FILE NO. 2016-083281 STATEMENT OF ABANDONMENT OF USE OF FICTITIOUS BUSINESS NAME.

The following person(s) FERRARO SOLUTIONS, INC., 1619 W GARVEY AVE NORTH STE 105, WEST COVINA, CA 91790 has abandoned the use of the fictitious business name: PUTTANESCA RESTAURANT, 1619 W. GARVEY AVE. NORTH STE 105, WEST COVINA, CA 91790. The business was conducted by: A CORPORATION. SIGNED: PRESIDENT. Publish: Mountain Views News Dates Pub: April 09, 16, 23, 30, 2016

FICTITIOUS BUSINESS NAME STATEMENT File No. 2016-085033

The following person(s) is (are) doing business as: CM CONSULTING 80 W. SIERRA MADRE BLVD #166, SIERRA MADRE, CA 91024. Full name of registrant(s) is (are) CHRISTIAN MAGDALENO 80 W. SIERRA MADRE BLVD #166, SIERRA MADRE, CA 91024. This Business is conducted by: AN INDIVIDUAL, Signed: CHRISTIAN MAGDALENO. Publish: Mountain Views News Dates Pub: April 09, 16, 23, 30, 2016

FICTITIOUS BUSINESS NAME STATEMENT File No. 2016-085034

The following person(s) is (are) doing business as: SIERRA MADRE'S BEST CATERING, SIERRA MADRE, CA 91024. Full name of registrant(s) is (are) CRISTINA BALTAYAN 522 SIERRA KEYS DR, SIERRA MADRE, CA 91024. This Business is conducted by: AN INDIVIDUAL, Signed: CRISTINA BALTAYAN. Publish: Mountain Views News Dates Pub: April 09, 16, 23, 30, 2016

FICTITIOUS BUSINESS NAME STATEMENT File No. 2016-089355

The following person(s) is (are) doing business as: MACGILLIVRAY ENTERPRISES, 608 ELM AVENUE, SIERRA MADRE, CA 91024. Full name of registrant(s) is (are) MARY ANN MACGILLIVRAY, 608 ELM AVENUE, SIERRA MADRE, CA 91024 AND DUNCAN MACGILLIVRAY, 608 ELM AVENUE, SIERRA MADRE, CA 91024. This Business is conducted by: A MARRIED COUPLE. Publish: Mountain Views News Dates Pub: April 16, 23, 30, May 07, 2016

FICTITIOUS BUSINESS NAME STATEMENT File No. 2016-073686

The following person(s) is (are) doing business as: A1 CLEANING SERVICES, 809 N HENDRICKS ST., MONTEBELLO, CA 90640. Full name of registrant(s) is (are) MICHAEL OBADIAN, 809 N HENDRICKS ST., MONTEBELLO, CA 90640. This Business is conducted by: AN INDIVIDUAL, Signed: MICHAEL OBADIAN. Publish: Mountain Views News Dates Pub: April 02, 09, 16, 23, 2016

FICTITIOUS BUSINESS NAME STATEMENT File No. 2016-075167

The following person(s) is (are) doing business as: AA AND RESTORATIONS, 1123 BEAULAH AVE, L.A., CA 90063. Full name of registrant(s) is (are) DEAN D. ALVAREZ, 1123 BEAULAH AVE., L.A., CA 90063. This Business is conducted by: AN INDIVIDUAL, Signed: DEAN D. ALVAREZ. Publish: Mountain Views News Dates Pub: April 02, 09, 16, 23, 2016

FICTITIOUS BUSINESS NAME STATEMENT File No. 2016-077946

The following person(s) is (are) doing business as: ABSOLUTE FURNITURE SVC, 3928 SOCKERBEIN AVE, L.A., CA 90032. Full name of registrant(s) is (are) SAUL CORTEZ, 3928 SOCKERBEIN AVE., L.A., CA 90032. This Business is conducted by: AN INDIVIDUAL, Signed: SAUL CORTEZ. Publish: Mountain Views News Dates Pub: April 02, 09, 16, 23, 2016

FICTITIOUS BUSINESS NAME STATEMENT File No. 2016-078206

The following person(s) is (are) doing business as: BENNY TRUCKING, 14611 HELTON ST., LA PUENTE, CA 91744.

Mountain Views News
80 W Sierra Madre Blvd. No. 327 Sierra Madre, Ca. 91024
Office: 626.355.2737 Fax: 626.609.3285
Email: editor@mtnviewsnews.com
Website: www.mtnviewsnews.com
